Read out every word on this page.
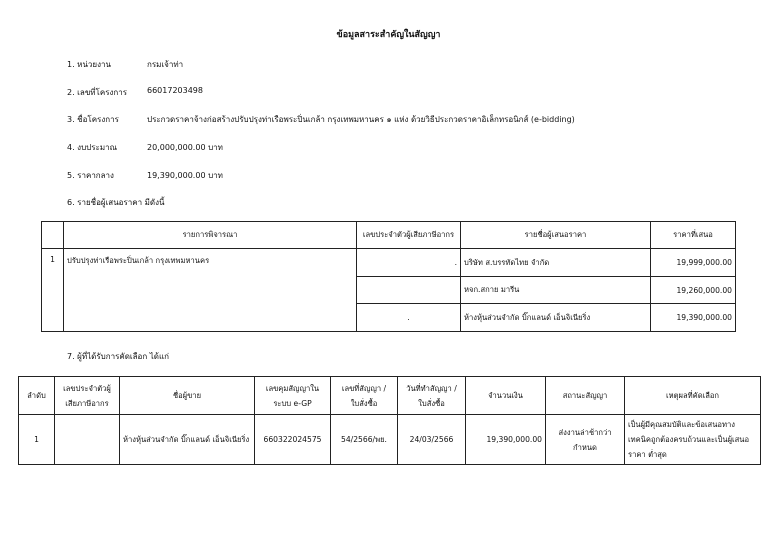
ข้อมูลสาระสำคัญในสัญญา
1. หน่วยงาน	กรมเจ้าท่า
2. เลขที่โครงการ 66017203498
3. ชื่อโครงการ	ประกวดราคาจ้างก่อสร้างปรับปรุงท่าเรือพระปิ่นเกล้า กรุงเทพมหานคร ๑ แห่ง ด้วยวิธีประกวดราคาอิเล็กทรอนิกส์ (e-bidding)
4. งบประมาณ	20,000,000.00 บาท
5. ราคากลาง	19,390,000.00 บาท
6. รายชื่อผู้เสนอราคา มีดังนี้
	รายการพิจารณา	เลขประจำตัวผู้เสียภาษีอากร	รายชื่อผู้เสนอราคา	ราคาที่เสนอ
1	ปรับปรุงท่าเรือพระปิ่นเกล้า กรุงเทพมหานคร	.	บริษัท ส.บรรทัดไทย จำกัด	19,999,000.00
			หจก.สกาย มารีน	19,260,000.00
		.	ห้างหุ้นส่วนจำกัด บิ๊กแลนด์ เอ็นจิเนียริ่ง	19,390,000.00
7. ผู้ที่ได้รับการคัดเลือก ได้แก่
ลำดับ	เลขประจำตัวผู้เสียภาษีอากร	ชื่อผู้ขาย	เลขคุมสัญญาในระบบ e-GP	เลขที่สัญญา / ใบสั่งซื้อ	วันที่ทำสัญญา / ใบสั่งซื้อ	จำนวนเงิน	สถานะสัญญา	เหตุผลที่คัดเลือก
1		ห้างหุ้นส่วนจำกัด บิ๊กแลนด์ เอ็นจิเนียริ่ง	660322024575	54/2566/พย.	24/03/2566	19,390,000.00	ส่งงานล่าช้ากว่ากำหนด	เป็นผู้มีคุณสมบัติและข้อเสนอทางเทคนิคถูกต้องครบถ้วนและเป็นผู้เสนอราคา ต่ำสุด
